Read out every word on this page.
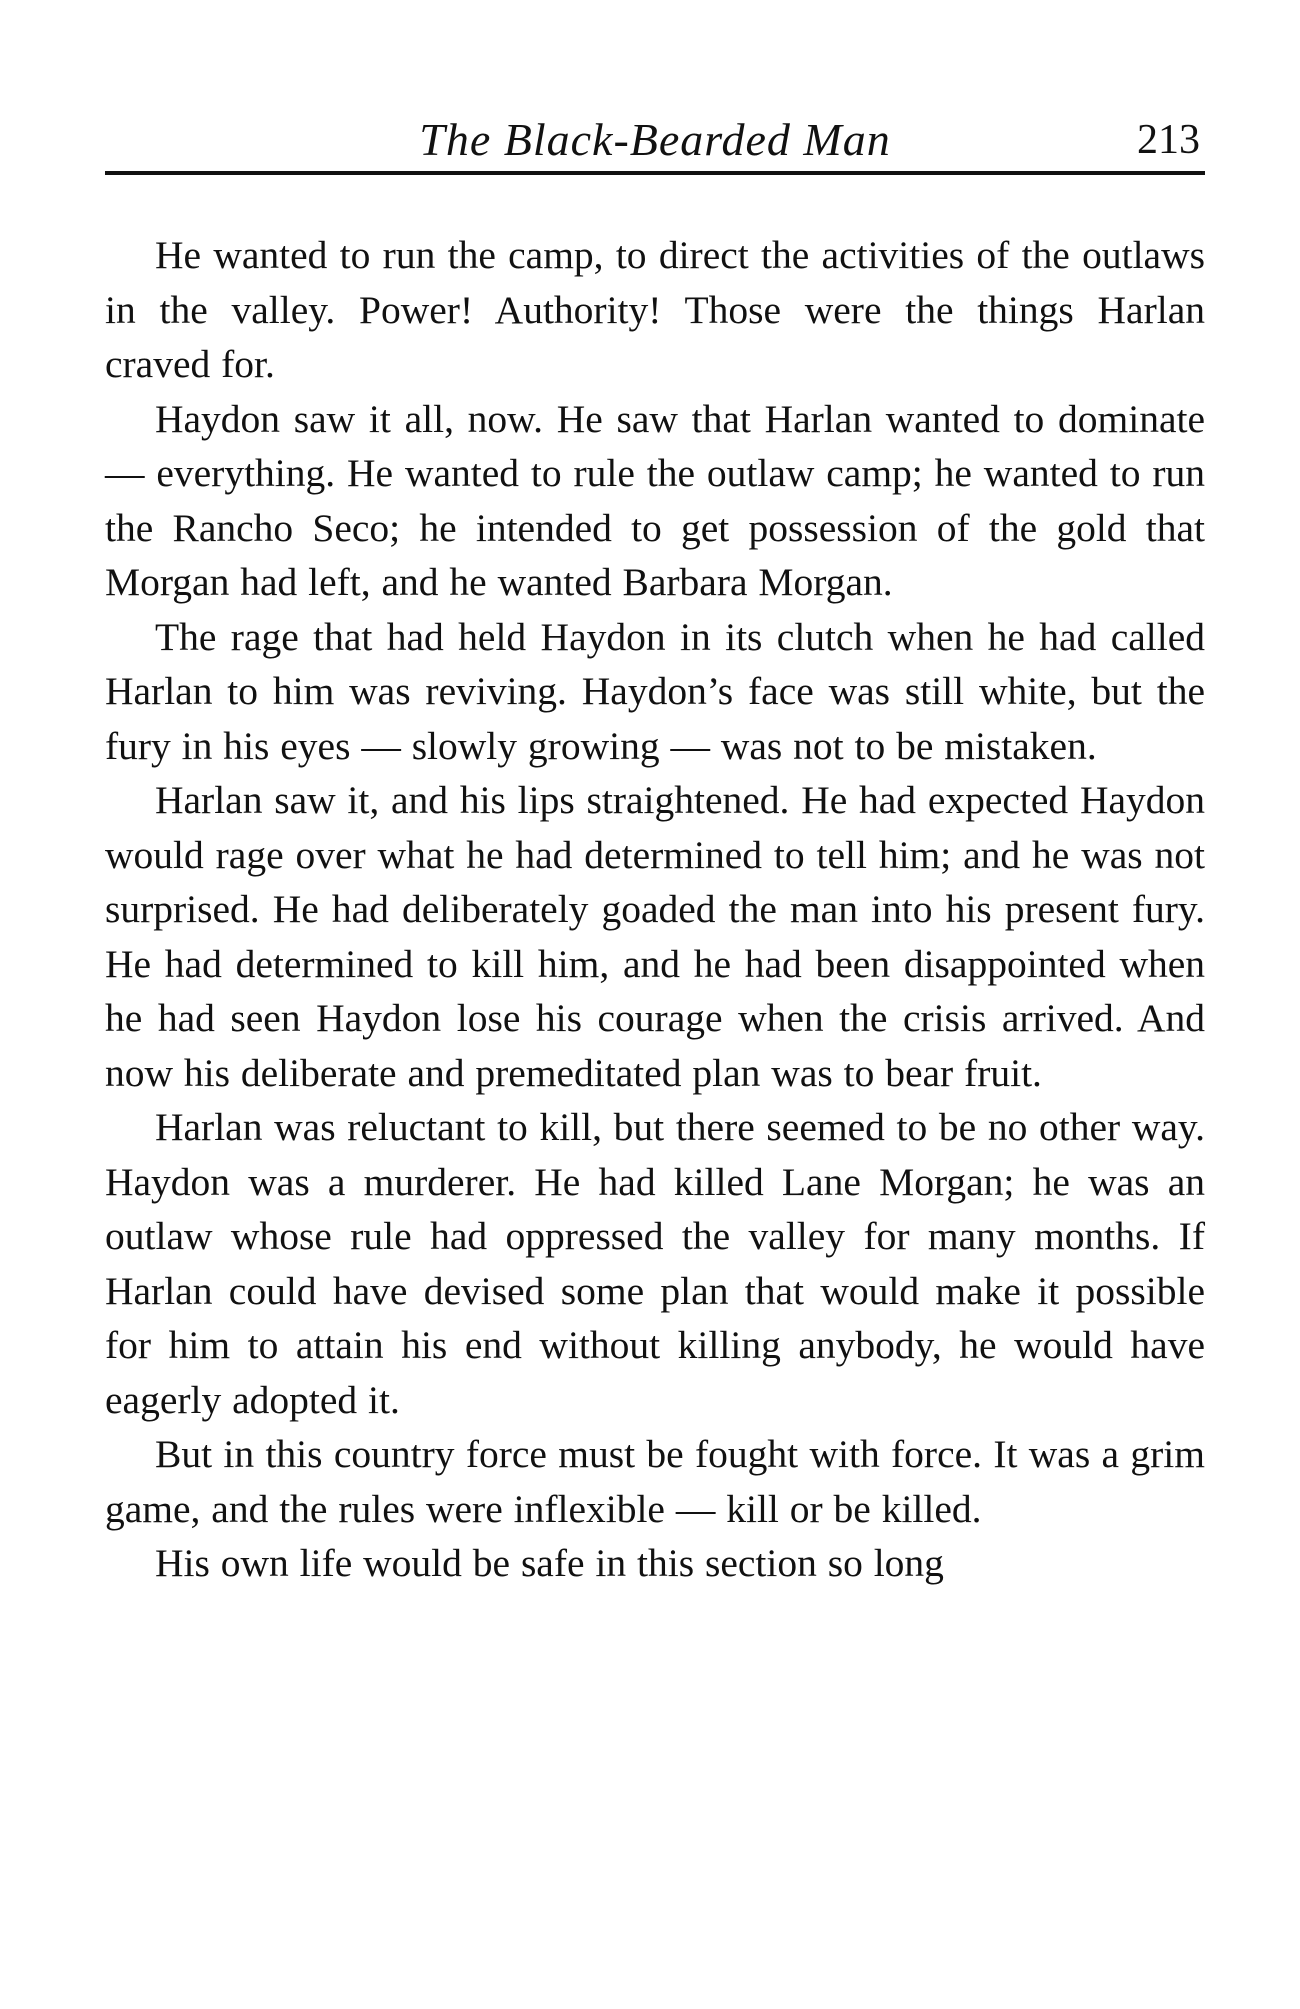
The Black-Bearded Man	213

He wanted to run the camp, to direct the activities of the outlaws in the valley. Power! Authority! Those were the things Harlan craved for.

Haydon saw it all, now. He saw that Harlan wanted to dominate — everything. He wanted to rule the outlaw camp; he wanted to run the Rancho Seco; he intended to get possession of the gold that Morgan had left, and he wanted Barbara Morgan.

The rage that had held Haydon in its clutch when he had called Harlan to him was reviving. Haydon’s face was still white, but the fury in his eyes — slowly growing — was not to be mistaken.

Harlan saw it, and his lips straightened. He had expected Haydon would rage over what he had determined to tell him; and he was not surprised. He had deliberately goaded the man into his present fury. He had determined to kill him, and he had been disappointed when he had seen Haydon lose his courage when the crisis arrived. And now his deliberate and premeditated plan was to bear fruit.

Harlan was reluctant to kill, but there seemed to be no other way. Haydon was a murderer. He had killed Lane Morgan; he was an outlaw whose rule had oppressed the valley for many months. If Harlan could have devised some plan that would make it possible for him to attain his end without killing anybody, he would have eagerly adopted it.

But in this country force must be fought with force. It was a grim game, and the rules were inflexible — kill or be killed.

His own life would be safe in this section so long
